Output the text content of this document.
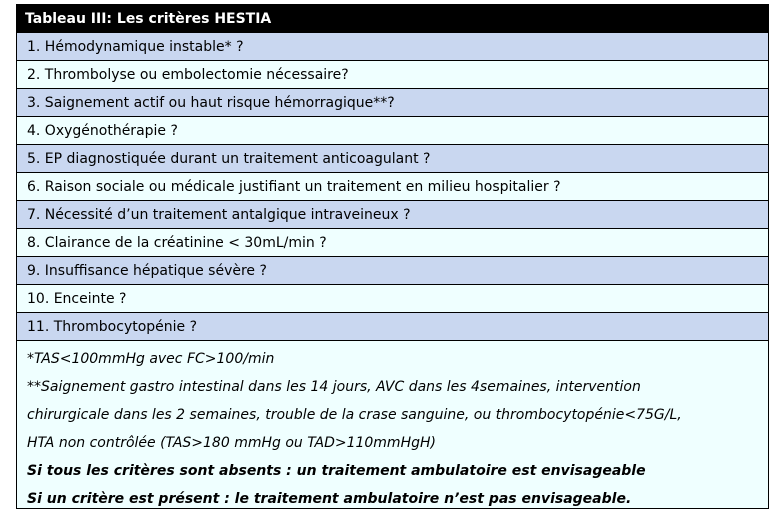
Tableau III: Les critères HESTIA
1. Hémodynamique instable* ?
2. Thrombolyse ou embolectomie nécessaire?
3. Saignement actif ou haut risque hémorragique**?
4. Oxygénothérapie ?
5. EP diagnostiquée durant un traitement anticoagulant ?
6. Raison sociale ou médicale justifiant un traitement en milieu hospitalier ?
7. Nécessité d’un traitement antalgique intraveineux ?
8. Clairance de la créatinine < 30mL/min ?
9. Insuffisance hépatique sévère ?
10. Enceinte ?
11. Thrombocytopénie ?
*TAS<100mmHg avec FC>100/min
**Saignement gastro intestinal dans les 14 jours, AVC dans les 4semaines, intervention
chirurgicale dans les 2 semaines, trouble de la crase sanguine, ou thrombocytopénie<75G/L,
HTA non contrôlée (TAS>180 mmHg ou TAD>110mmHgH)
Si tous les critères sont absents : un traitement ambulatoire est envisageable
Si un critère est présent : le traitement ambulatoire n’est pas envisageable.
